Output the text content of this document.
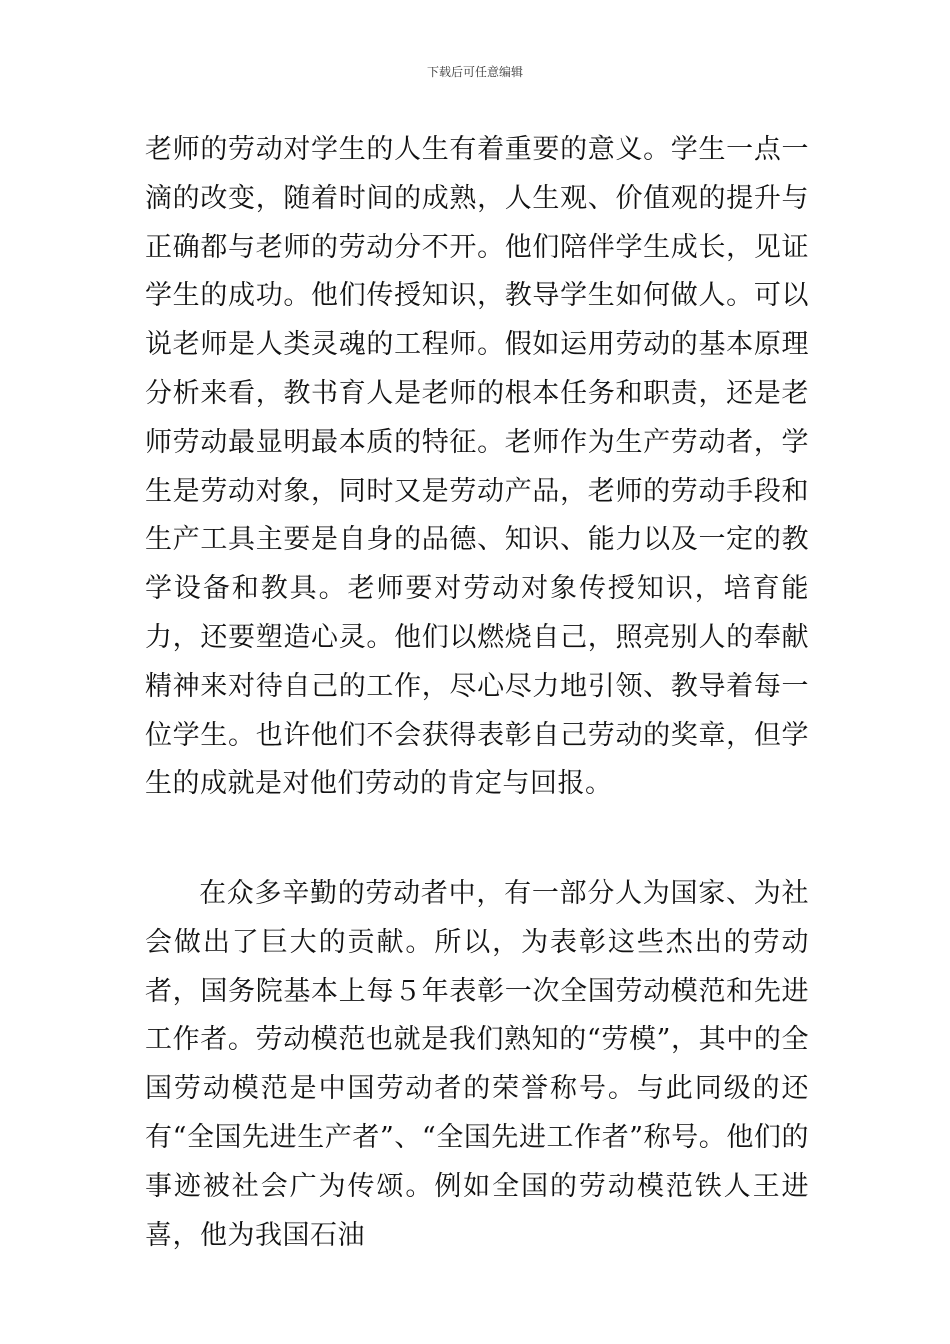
下载后可任意编辑

老师的劳动对学生的人生有着重要的意义。学生一点一滴的改变，随着时间的成熟，人生观、价值观的提升与正确都与老师的劳动分不开。他们陪伴学生成长，见证学生的成功。他们传授知识，教导学生如何做人。可以说老师是人类灵魂的工程师。假如运用劳动的基本原理分析来看，教书育人是老师的根本任务和职责，还是老师劳动最显明最本质的特征。老师作为生产劳动者，学生是劳动对象，同时又是劳动产品，老师的劳动手段和生产工具主要是自身的品德、知识、能力以及一定的教学设备和教具。老师要对劳动对象传授知识，培育能力，还要塑造心灵。他们以燃烧自己，照亮别人的奉献精神来对待自己的工作，尽心尽力地引领、教导着每一位学生。也许他们不会获得表彰自己劳动的奖章，但学生的成就是对他们劳动的肯定与回报。

在众多辛勤的劳动者中，有一部分人为国家、为社会做出了巨大的贡献。所以，为表彰这些杰出的劳动者，国务院基本上每５年表彰一次全国劳动模范和先进工作者。劳动模范也就是我们熟知的“劳模”，其中的全国劳动模范是中国劳动者的荣誉称号。与此同级的还有“全国先进生产者”、“全国先进工作者”称号。他们的事迹被社会广为传颂。例如全国的劳动模范铁人王进喜，他为我国石油
